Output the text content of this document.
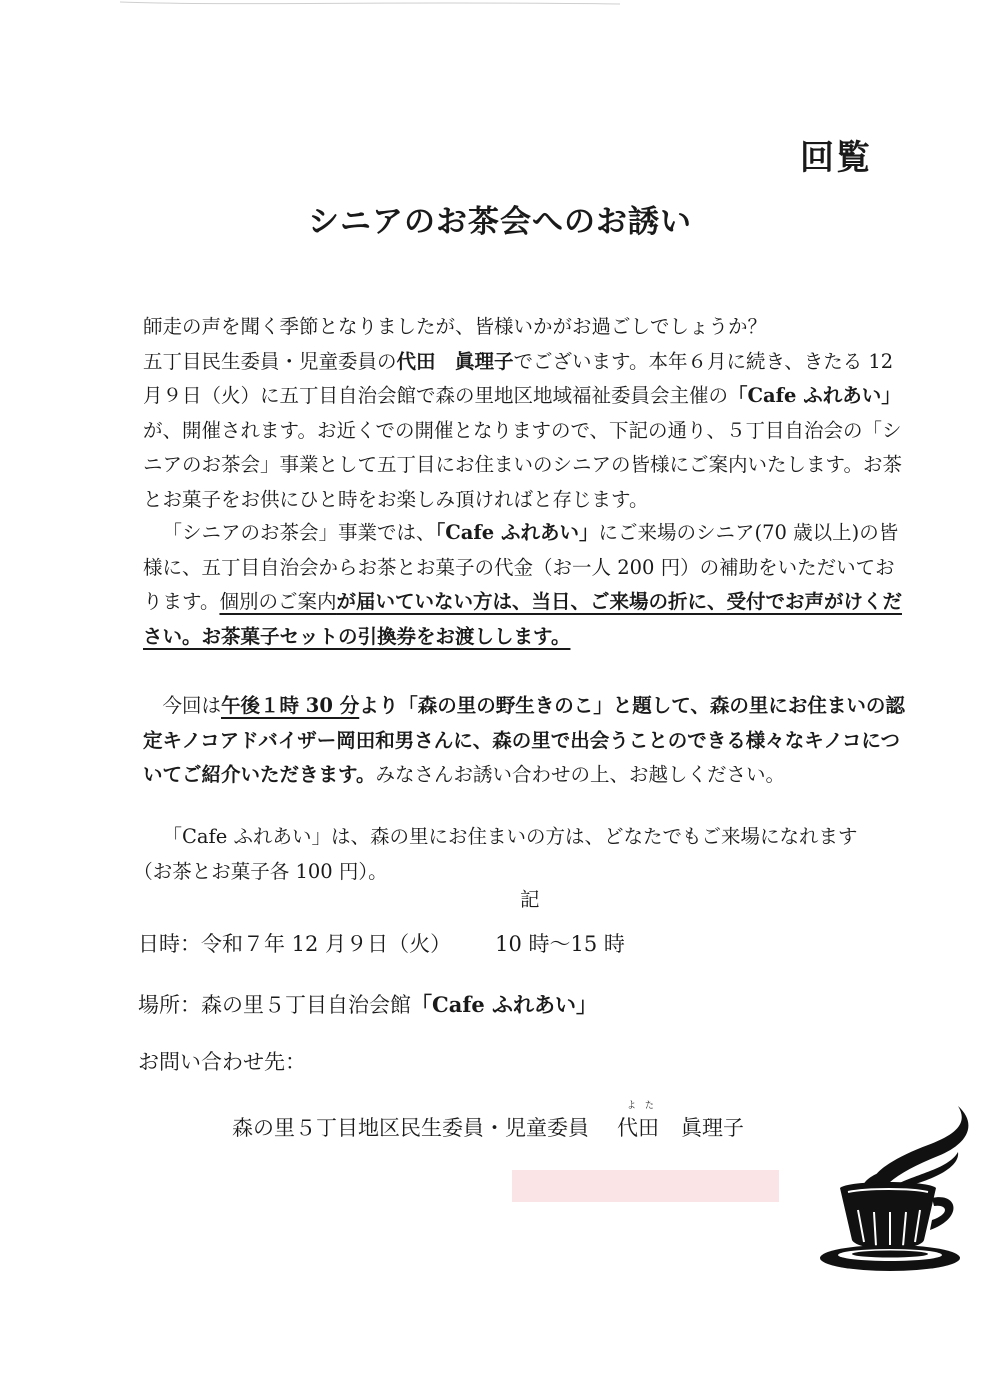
回覧
シニアのお茶会へのお誘い
師走の声を聞く季節となりましたが、皆様いかがお過ごしでしょうか？
五丁目民生委員・児童委員の代田　眞理子でございます。本年６月に続き、きたる 12 月９日（火）に五丁目自治会館で森の里地区地域福祉委員会主催の「Cafe ふれあい」が、開催されます。お近くでの開催となりますので、下記の通り、５丁目自治会の「シニアのお茶会」事業として五丁目にお住まいのシニアの皆様にご案内いたします。お茶とお菓子をお供にひと時をお楽しみ頂ければと存じます。
「シニアのお茶会」事業では、「Cafe ふれあい」にご来場のシニア(70 歳以上)の皆様に、五丁目自治会からお茶とお菓子の代金（お一人 200 円）の補助をいただいております。個別のご案内が届いていない方は、当日、ご来場の折に、受付でお声がけください。お茶菓子セットの引換券をお渡しします。
今回は午後１時 30 分より「森の里の野生きのこ」と題して、森の里にお住まいの認定キノコアドバイザー岡田和男さんに、森の里で出会うことのできる様々なキノコについてご紹介いただきます。みなさんお誘い合わせの上、お越しください。
「Cafe ふれあい」は、森の里にお住まいの方は、どなたでもご来場になれます
（お茶とお菓子各 100 円）。
記
日時：令和７年 12 月９日（火） 10 時～15 時
場所：森の里５丁目自治会館「Cafe ふれあい」
お問い合わせ先：
森の里５丁目地区民生委員・児童委員
よ た
代田 眞理子
